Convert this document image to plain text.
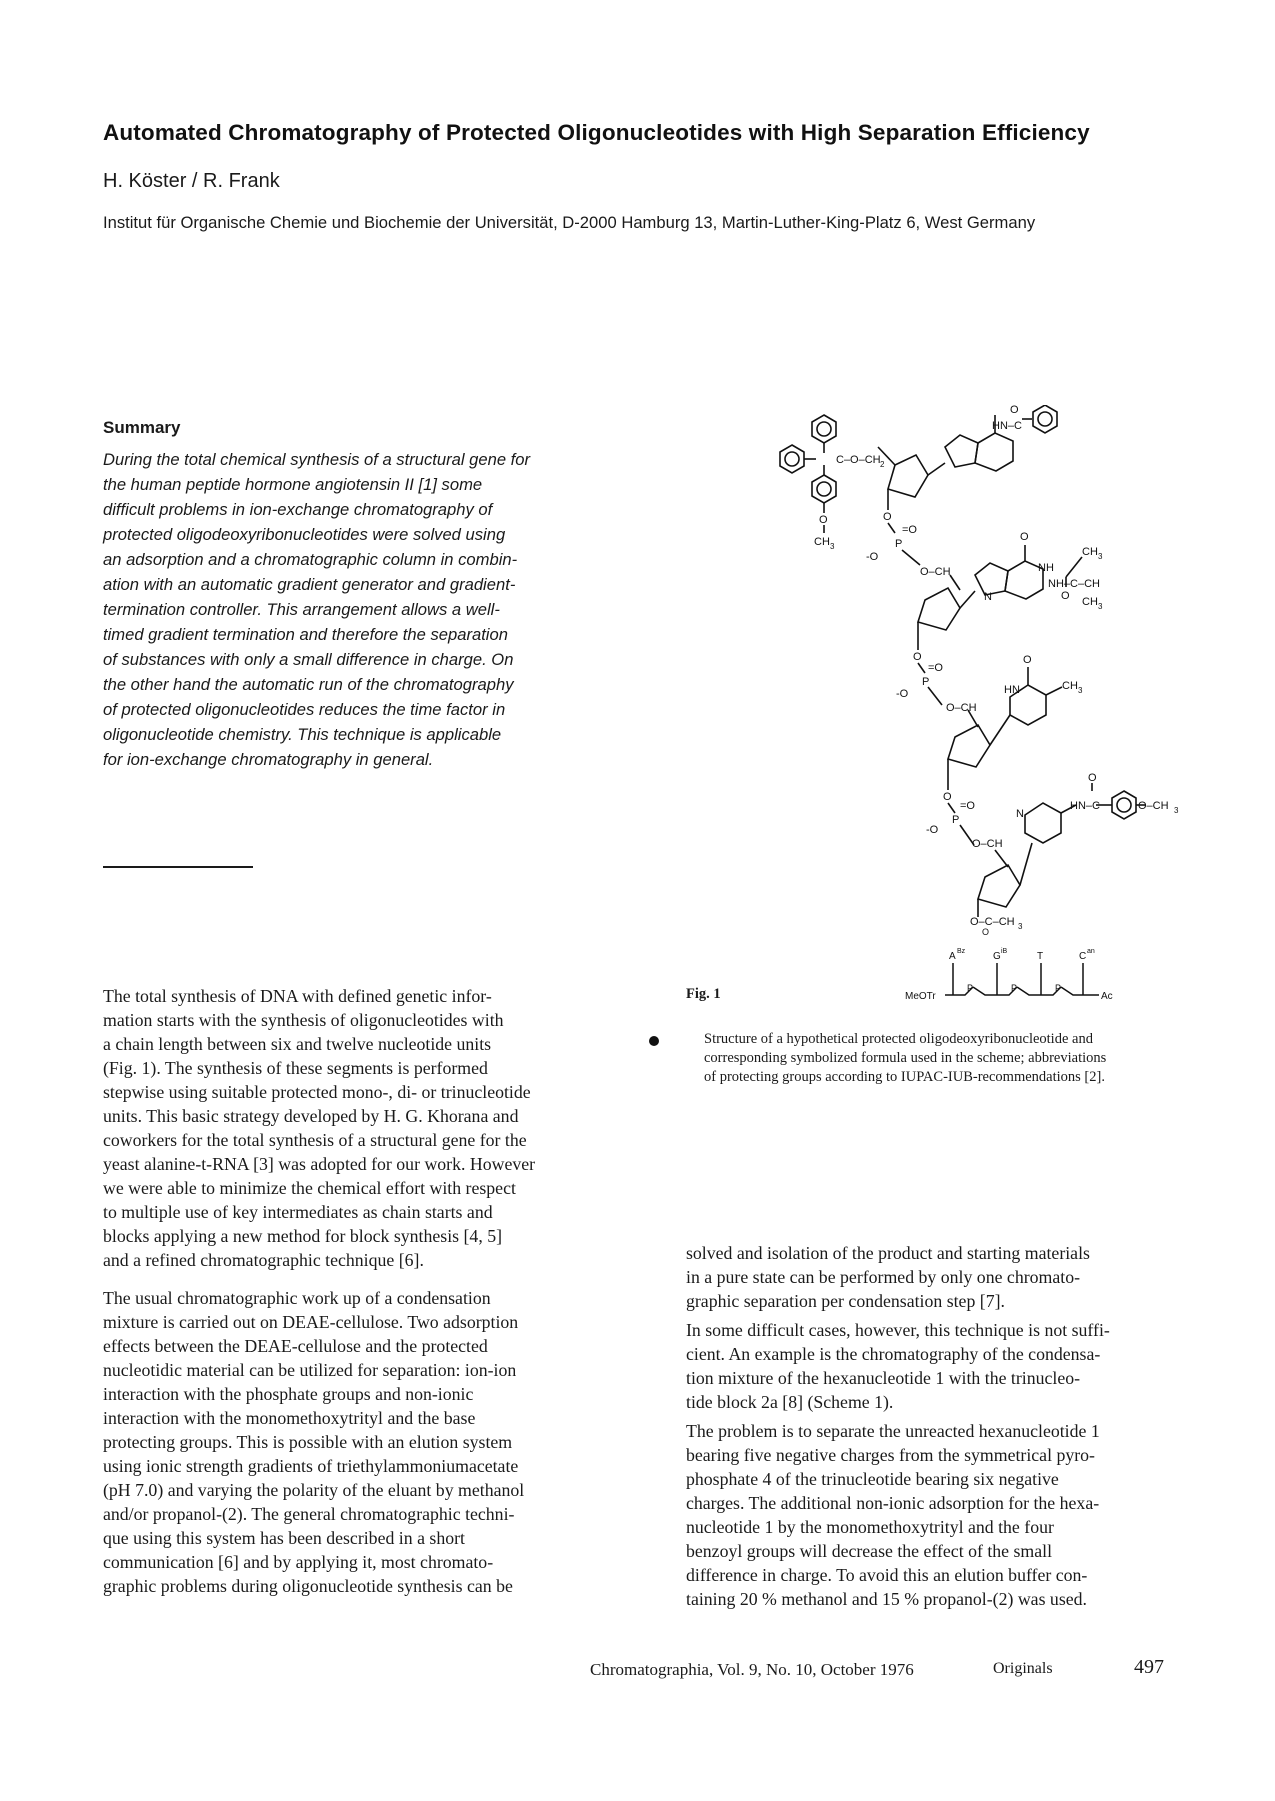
Automated Chromatography of Protected Oligonucleotides with High Separation Efficiency
H. Köster / R. Frank
Institut für Organische Chemie und Biochemie der Universität, D-2000 Hamburg 13, Martin-Luther-King-Platz 6, West Germany
Summary
During the total chemical synthesis of a structural gene for
the human peptide hormone angiotensin II [1] some
difficult problems in ion-exchange chromatography of
protected oligodeoxyribonucleotides were solved using
an adsorption and a chromatographic column in combin-
ation with an automatic gradient generator and gradient-
termination controller. This arrangement allows a well-
timed gradient termination and therefore the separation
of substances with only a small difference in charge. On
the other hand the automatic run of the chromatography
of protected oligonucleotides reduces the time factor in
oligonucleotide chemistry. This technique is applicable
for ion-exchange chromatography in general.
O
HN–C
C–O–CH 2
O
CH 3
O
-O
P
=O
O–CH	NH
O
NH–C–CH
CH 3
CH 3
O
N
O
-O
P
=O
O–CH
HN
O
CH 3
O
-O
P
=O
O–CH
HN–C
O
O–CH 3
N
O–C–CH 3
O
MeOTr
A Bz	G iB	T	C an
P	P	P
Ac
Fig. 1
Structure of a hypothetical protected oligodeoxyribonucleotide and
corresponding symbolized formula used in the scheme; abbreviations
of protecting groups according to IUPAC-IUB-recommendations [2].
The total synthesis of DNA with defined genetic infor-
mation starts with the synthesis of oligonucleotides with
a chain length between six and twelve nucleotide units
(Fig. 1). The synthesis of these segments is performed
stepwise using suitable protected mono-, di- or trinucleotide
units. This basic strategy developed by H. G. Khorana and
coworkers for the total synthesis of a structural gene for the
yeast alanine-t-RNA [3] was adopted for our work. However
we were able to minimize the chemical effort with respect
to multiple use of key intermediates as chain starts and
blocks applying a new method for block synthesis [4, 5]
and a refined chromatographic technique [6].
The usual chromatographic work up of a condensation
mixture is carried out on DEAE-cellulose. Two adsorption
effects between the DEAE-cellulose and the protected
nucleotidic material can be utilized for separation: ion-ion
interaction with the phosphate groups and non-ionic
interaction with the monomethoxytrityl and the base
protecting groups. This is possible with an elution system
using ionic strength gradients of triethylammoniumacetate
(pH 7.0) and varying the polarity of the eluant by methanol
and/or propanol-(2). The general chromatographic techni-
que using this system has been described in a short
communication [6] and by applying it, most chromato-
graphic problems during oligonucleotide synthesis can be
solved and isolation of the product and starting materials
in a pure state can be performed by only one chromato-
graphic separation per condensation step [7].
In some difficult cases, however, this technique is not suffi-
cient. An example is the chromatography of the condensa-
tion mixture of the hexanucleotide 1 with the trinucleo-
tide block 2a [8] (Scheme 1).
The problem is to separate the unreacted hexanucleotide 1
bearing five negative charges from the symmetrical pyro-
phosphate 4 of the trinucleotide bearing six negative
charges. The additional non-ionic adsorption for the hexa-
nucleotide 1 by the monomethoxytrityl and the four
benzoyl groups will decrease the effect of the small
difference in charge. To avoid this an elution buffer con-
taining 20 % methanol and 15 % propanol-(2) was used.
Chromatographia, Vol. 9, No. 10, October 1976	Originals	497
